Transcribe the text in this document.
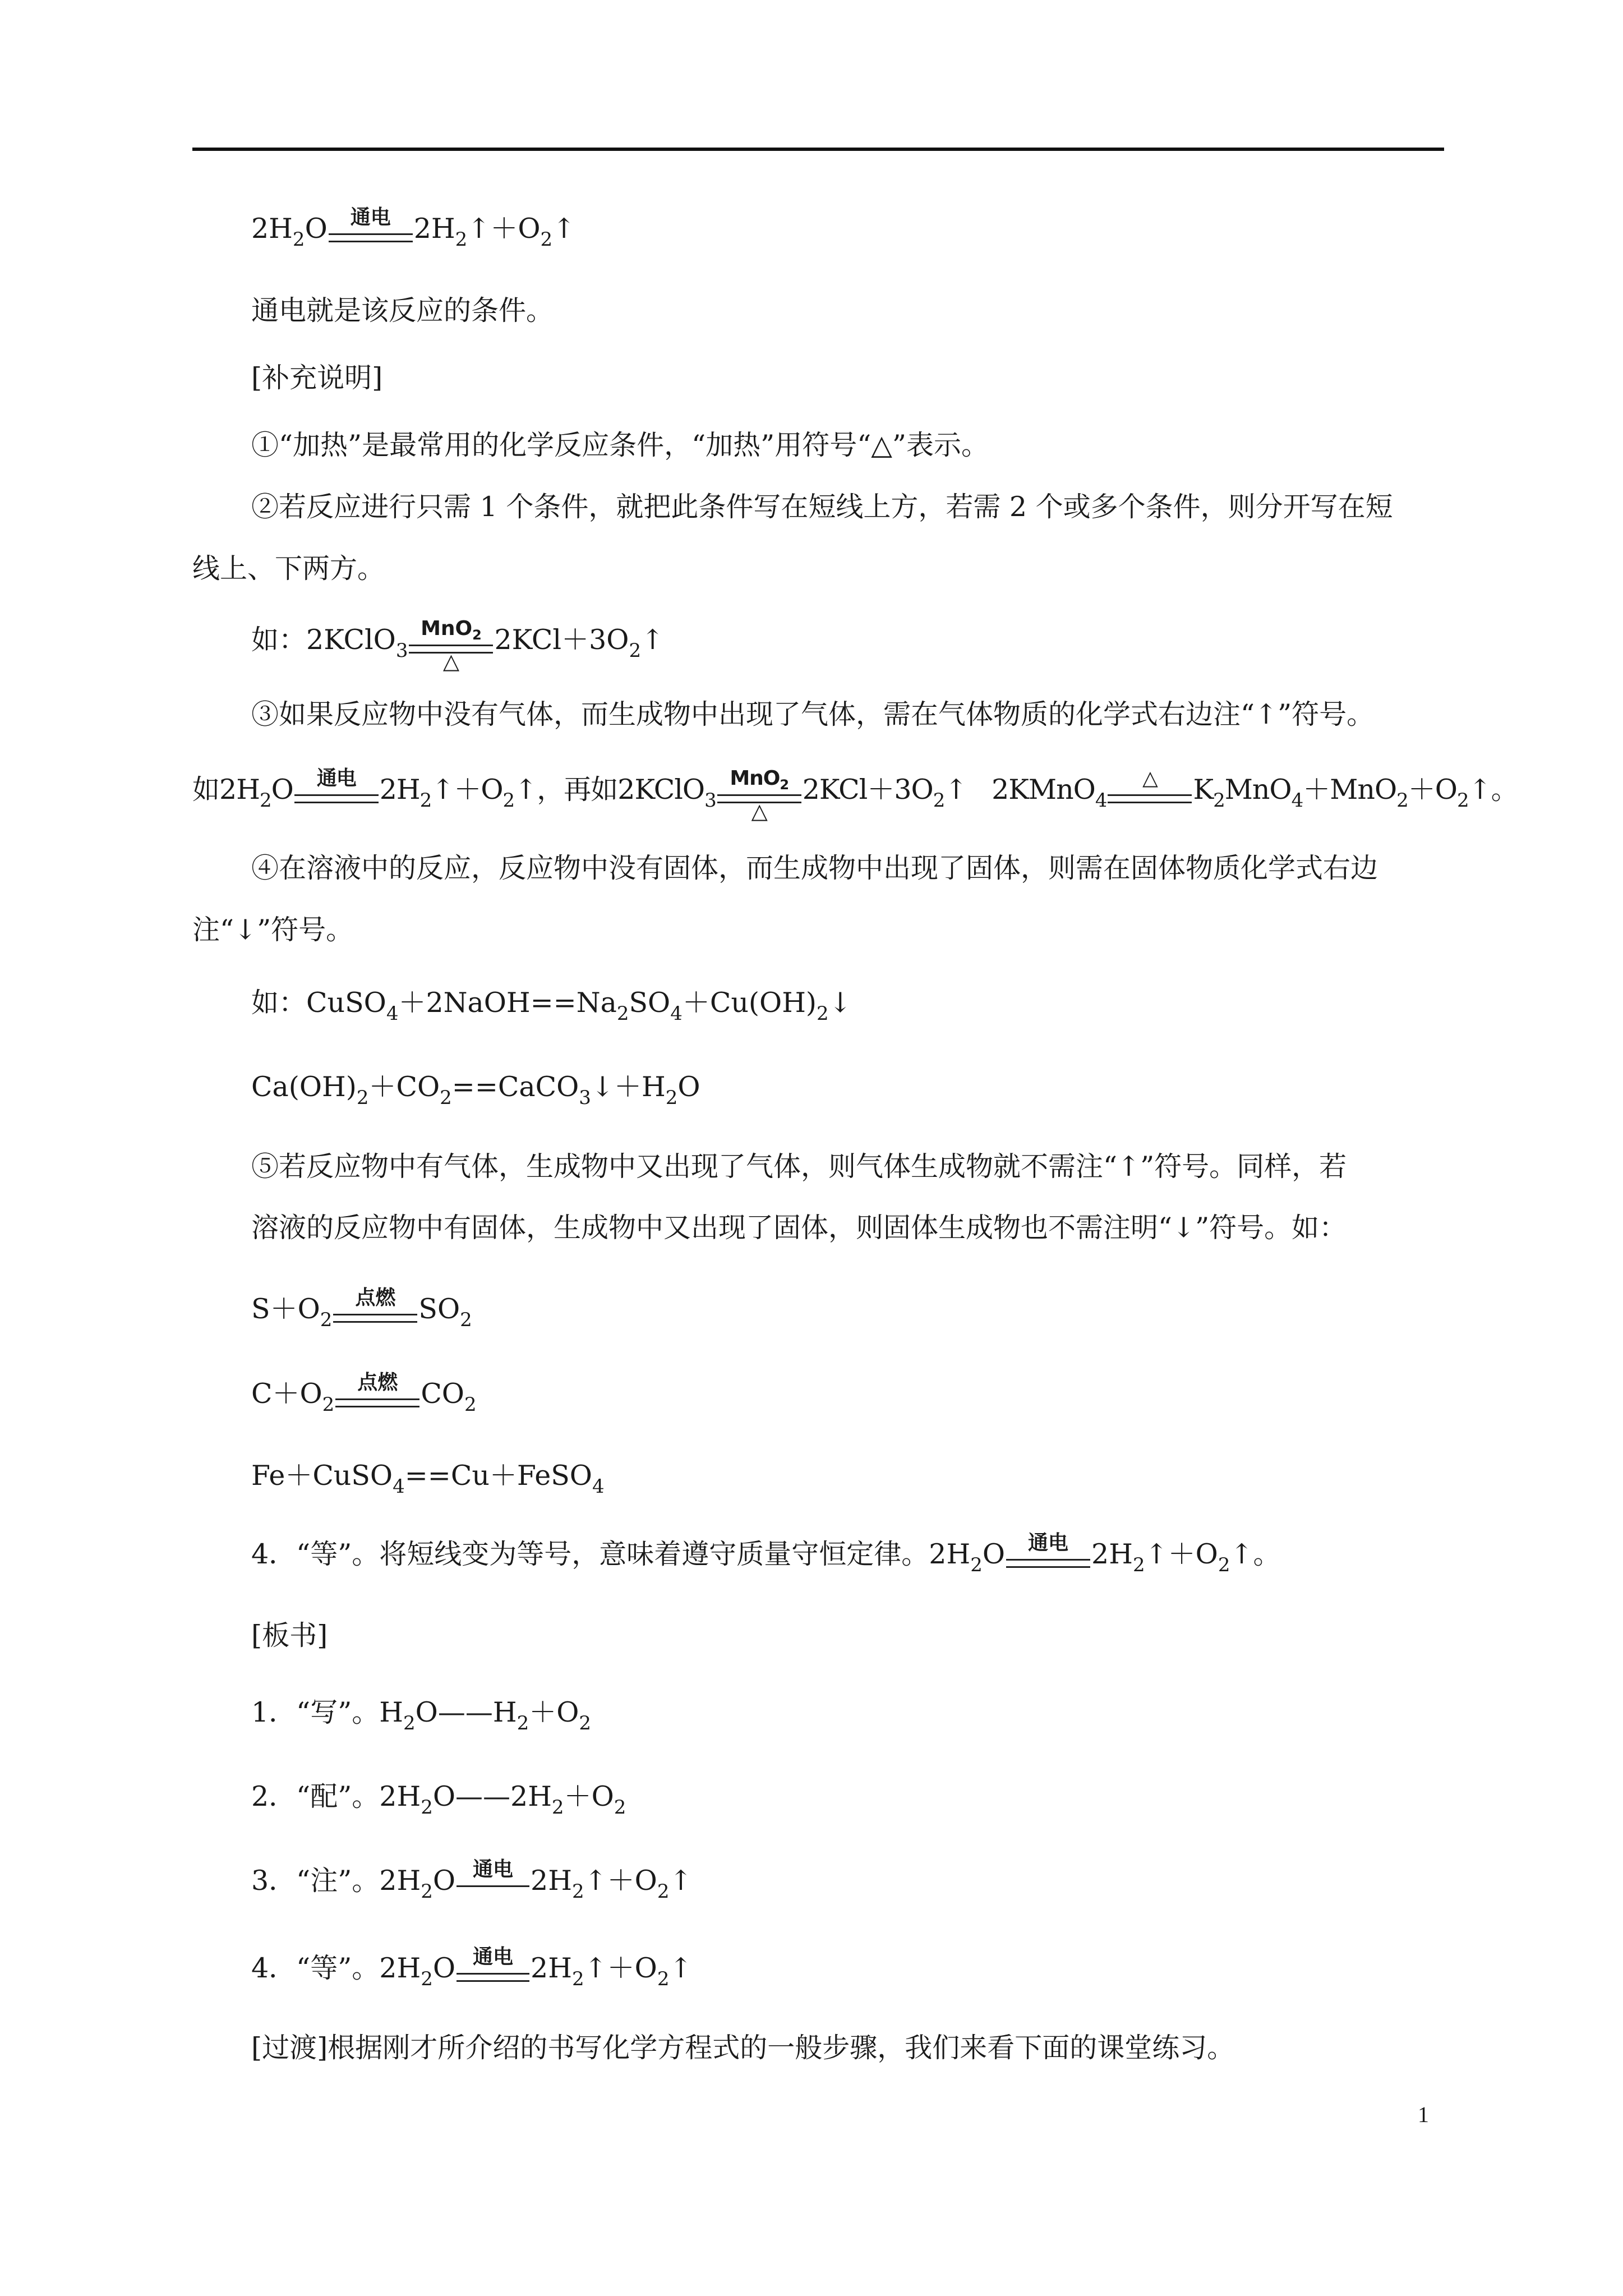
$2H_2O$	通电 $2H_2↑+O_2↑$
通电就是该反应的条件。
[补充说明]
①“加热”是最常用的化学反应条件，“加热”用符号“△”表示。
②若反应进行只需 1 个条件，就把此条件写在短线上方，若需 2 个或多个条件，则分开写在短
线上、下两方。
如：2KClO$_3$
MnO$_2$
△
$2KCl+3O_2↑$
③如果反应物中没有气体，而生成物中出现了气体，需在气体物质的化学式右边注“↑”符号。
如$2H_2O$	通电 $2H_2↑+O_2↑$，再如2KClO$_3$
MnO$_2$
△
$2KCl+3O_2↑$   2KMnO$_4$
△	$K_2MnO_4+MnO_2+O_2↑$。
④在溶液中的反应，反应物中没有固体，而生成物中出现了固体，则需在固体物质化学式右边
注“↓”符号。
如：$CuSO_4+2NaOH==Na_2SO_4+Cu(OH)_2↓$
$Ca(OH)_2+CO_2==CaCO_3↓+H_2O$
⑤若反应物中有气体，生成物中又出现了气体，则气体生成物就不需注“↑”符号。同样，若
溶液的反应物中有固体，生成物中又出现了固体，则固体生成物也不需注明“↓”符号。如：
$S+O_2$
点燃 $SO_2$
$C+O_2$
点燃 $CO_2$
Fe＋CuSO$_4$==Cu＋FeSO$_4$
4．“等”。将短线变为等号，意味着遵守质量守恒定律。$2H_2O$	通电 $2H_2↑+O_2↑$。
[板书]
1．“写”。$H_2O——H_2+O_2$
2．“配”。$2H_2O——2H_2+O_2$
3．“注”。$2H_2O$ 通电 $2H_2↑+O_2↑$
4．“等”。$2H_2O$ 通电 $2H_2↑+O_2↑$
[过渡]根据刚才所介绍的书写化学方程式的一般步骤，我们来看下面的课堂练习。
1
